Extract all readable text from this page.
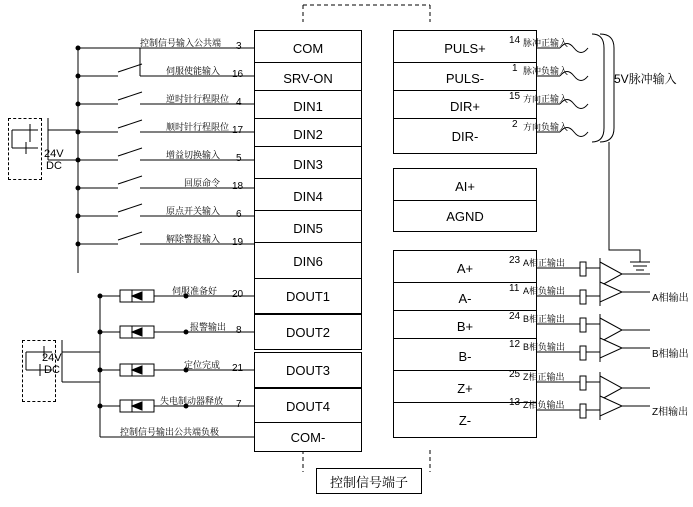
COM
SRV-ON
DIN1
DIN2
DIN3
DIN4
DIN5
DIN6
DOUT1
DOUT2
DOUT3
DOUT4
COM-
3
16
4
17
5
18
6
19
20
8
21
7
控制信号输入公共端
伺服使能输入
逆时针行程限位
顺时针行程限位
增益切换输入
回原命令
原点开关输入
解除警报输入
伺服准备好
报警输出
定位完成
失电制动器释放
控制信号输出公共端负极
24V
DC
24V
DC
PULS+
PULS-
DIR+
DIR-
AI+
AGND
A+
A-
B+
B-
Z+
Z-
14
1
15
2
23
11
24
12
25
13
脉冲正输入
脉冲负输入
方向正输入
方向负输入
A相正输出
A相负输出
B相正输出
B相负输出
Z相正输出
Z相负输出
5V脉冲输入
A相输出
B相输出
Z相输出
控制信号端子
